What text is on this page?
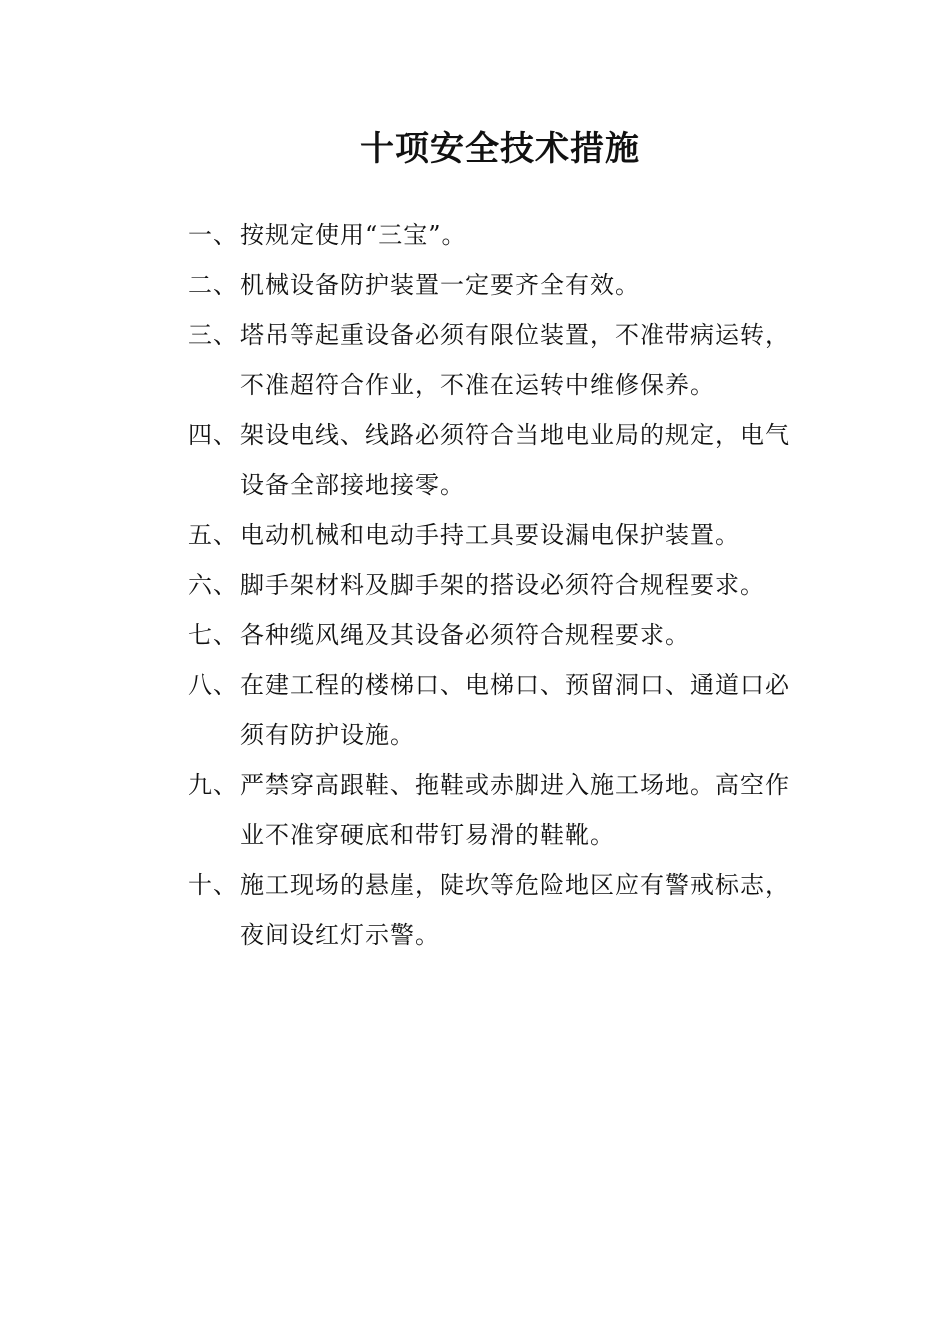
十项安全技术措施
一、 按规定使用“三宝”。
二、 机械设备防护装置一定要齐全有效。
三、 塔吊等起重设备必须有限位装置，不准带病运转，
不准超符合作业，不准在运转中维修保养。
四、 架设电线、线路必须符合当地电业局的规定，电气
设备全部接地接零。
五、 电动机械和电动手持工具要设漏电保护装置。
六、 脚手架材料及脚手架的搭设必须符合规程要求。
七、 各种缆风绳及其设备必须符合规程要求。
八、 在建工程的楼梯口、电梯口、预留洞口、通道口必
须有防护设施。
九、 严禁穿高跟鞋、拖鞋或赤脚进入施工场地。高空作
业不准穿硬底和带钉易滑的鞋靴。
十、 施工现场的悬崖，陡坎等危险地区应有警戒标志，
夜间设红灯示警。
